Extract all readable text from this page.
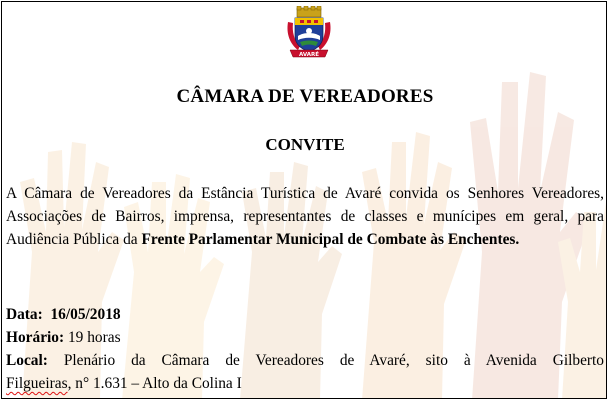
AVARÉ
CÂMARA DE VEREADORES
CONVITE
A Câmara de Vereadores da Estância Turística de Avaré convida os Senhores Vereadores, Associações de Bairros, imprensa, representantes de classes e munícipes em geral, para Audiência Pública da Frente Parlamentar Municipal de Combate às Enchentes.
Data: 16/05/2018
Horário: 19 horas
Local: Plenário da Câmara de Vereadores de Avaré, sito à Avenida Gilberto
Filgueiras, n° 1.631 – Alto da Colina I
